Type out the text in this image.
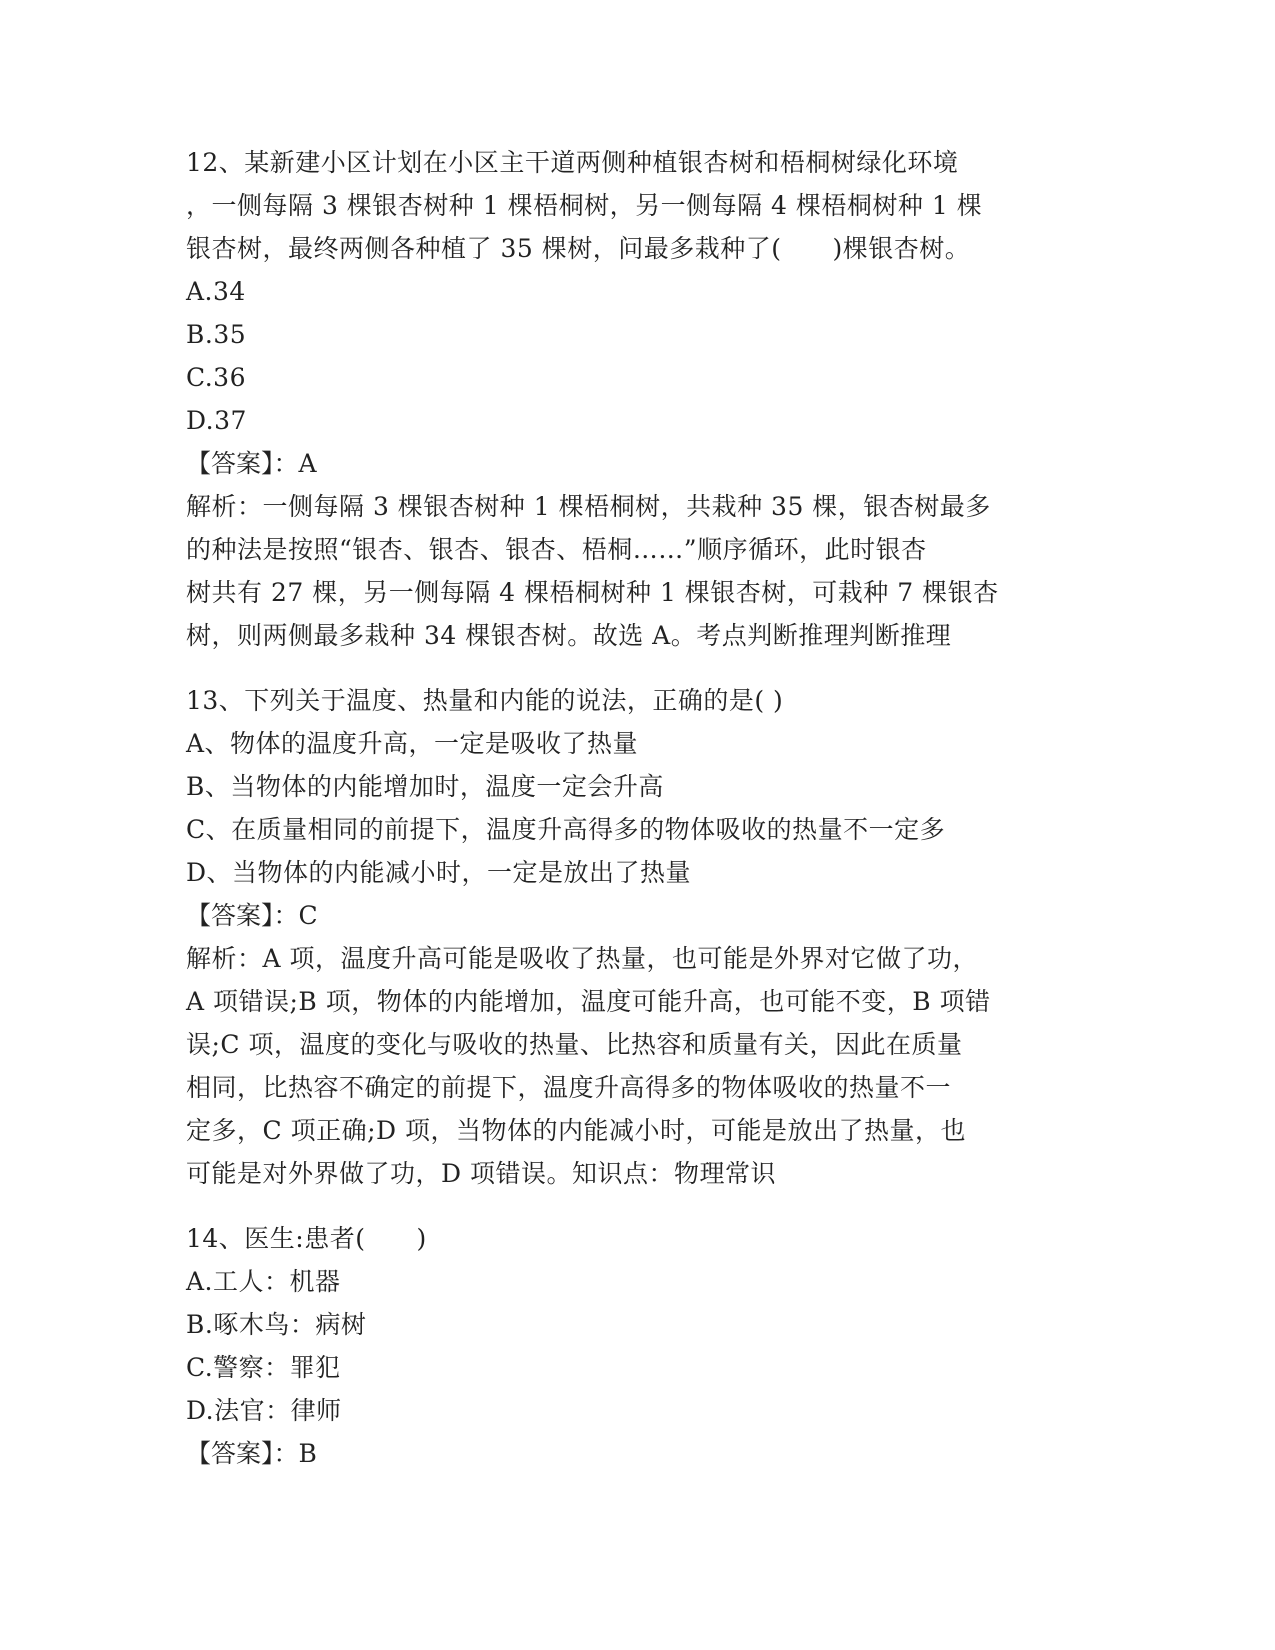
12、某新建小区计划在小区主干道两侧种植银杏树和梧桐树绿化环境
，一侧每隔 3 棵银杏树种 1 棵梧桐树，另一侧每隔 4 棵梧桐树种 1 棵
银杏树，最终两侧各种植了 35 棵树，问最多栽种了(　　)棵银杏树。
A.34
B.35
C.36
D.37
【答案】：A
解析：一侧每隔 3 棵银杏树种 1 棵梧桐树，共栽种 35 棵，银杏树最多
的种法是按照“银杏、银杏、银杏、梧桐……”顺序循环，此时银杏
树共有 27 棵，另一侧每隔 4 棵梧桐树种 1 棵银杏树，可栽种 7 棵银杏
树，则两侧最多栽种 34 棵银杏树。故选 A。考点判断推理判断推理
13、下列关于温度、热量和内能的说法，正确的是( )
A、物体的温度升高，一定是吸收了热量
B、当物体的内能增加时，温度一定会升高
C、在质量相同的前提下，温度升高得多的物体吸收的热量不一定多
D、当物体的内能减小时，一定是放出了热量
【答案】：C
解析：A 项，温度升高可能是吸收了热量，也可能是外界对它做了功，
A 项错误;B 项，物体的内能增加，温度可能升高，也可能不变，B 项错
误;C 项，温度的变化与吸收的热量、比热容和质量有关，因此在质量
相同，比热容不确定的前提下，温度升高得多的物体吸收的热量不一
定多，C 项正确;D 项，当物体的内能减小时，可能是放出了热量，也
可能是对外界做了功，D 项错误。知识点：物理常识
14、医生:患者(　　)
A.工人：机器
B.啄木鸟：病树
C.警察：罪犯
D.法官：律师
【答案】：B
